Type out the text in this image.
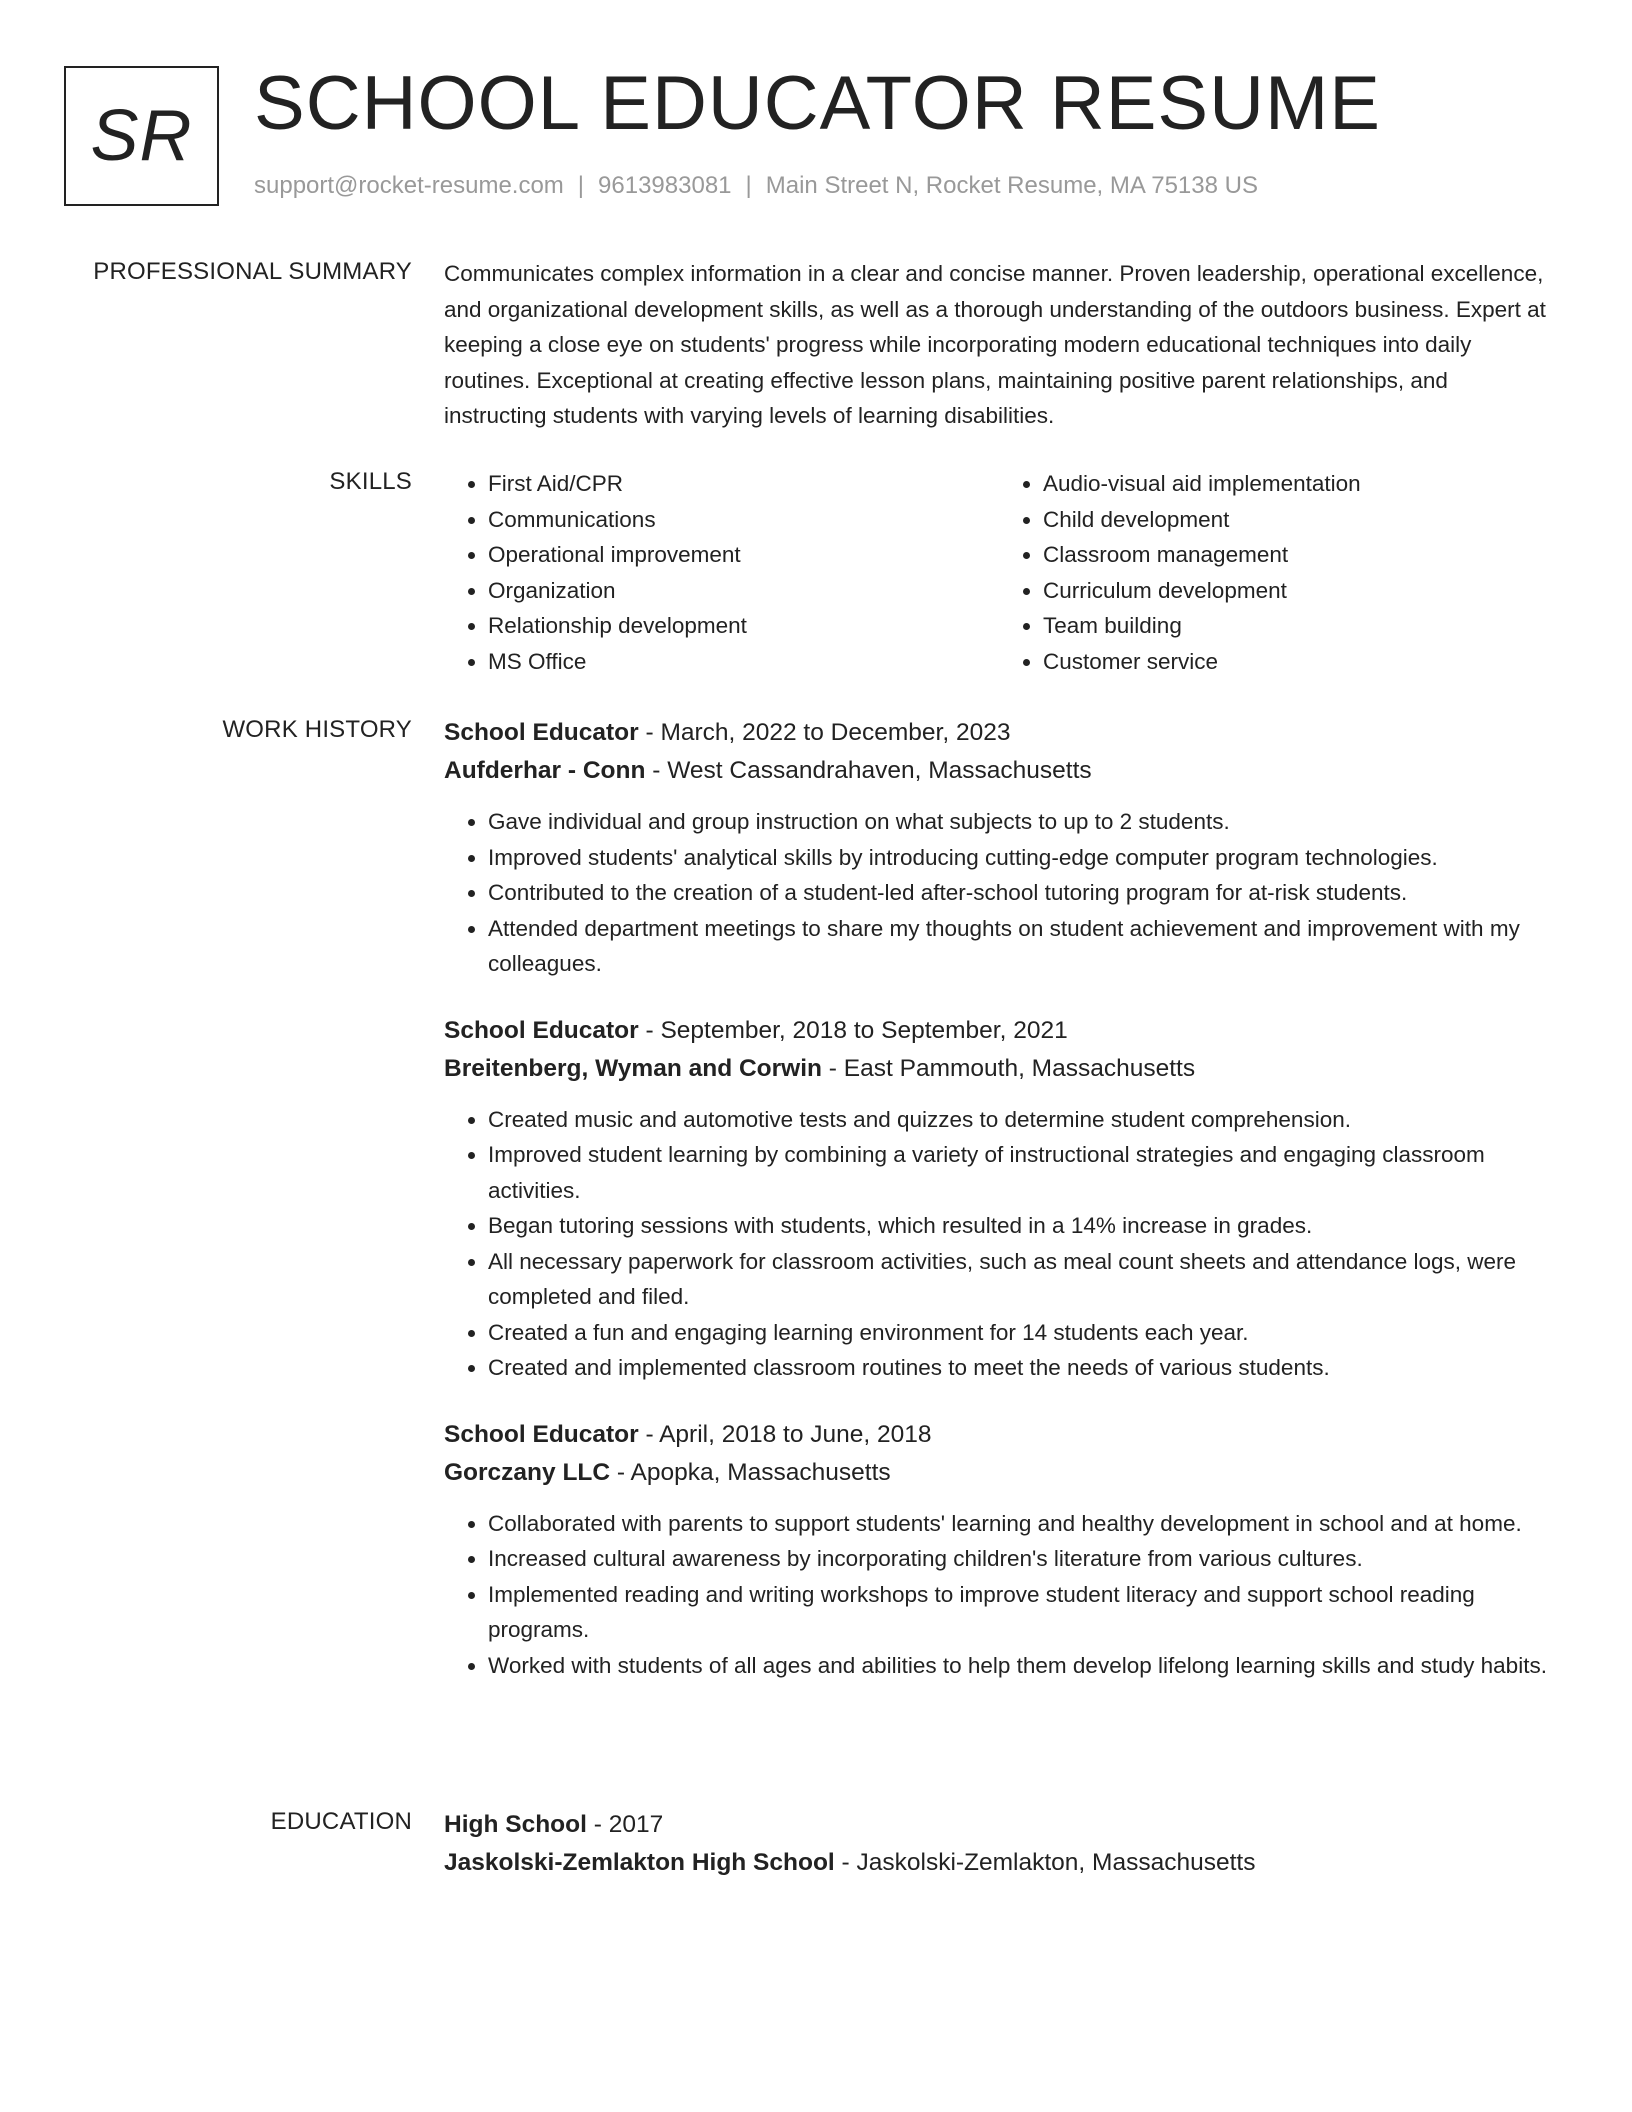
SR SCHOOL EDUCATOR RESUME
support@rocket-resume.com | 9613983081 | Main Street N, Rocket Resume, MA 75138 US
PROFESSIONAL SUMMARY Communicates complex information in a clear and concise manner. Proven leadership, operational excellence, and organizational development skills, as well as a thorough understanding of the outdoors business. Expert at keeping a close eye on students' progress while incorporating modern educational techniques into daily routines. Exceptional at creating effective lesson plans, maintaining positive parent relationships, and instructing students with varying levels of learning disabilities.
SKILLS
•	First Aid/CPR
• Communications
• Operational improvement
• Organization
• Relationship development
• MS Office
• Audio-visual aid implementation
• Child development
• Classroom management
• Curriculum development
• Team building
• Customer service
WORK HISTORY School Educator - March, 2022 to December, 2023
Aufderhar - Conn - West Cassandrahaven, Massachusetts
• Gave individual and group instruction on what subjects to up to 2 students.
• Improved students' analytical skills by introducing cutting-edge computer program technologies.
• Contributed to the creation of a student-led after-school tutoring program for at-risk students.
• Attended department meetings to share my thoughts on student achievement and improvement with my colleagues.
School Educator - September, 2018 to September, 2021
Breitenberg, Wyman and Corwin - East Pammouth, Massachusetts
• Created music and automotive tests and quizzes to determine student comprehension.
• Improved student learning by combining a variety of instructional strategies and engaging classroom activities.
• Began tutoring sessions with students, which resulted in a 14% increase in grades.
• All necessary paperwork for classroom activities, such as meal count sheets and attendance logs, were completed and filed.
• Created a fun and engaging learning environment for 14 students each year.
• Created and implemented classroom routines to meet the needs of various students.
School Educator - April, 2018 to June, 2018
Gorczany LLC - Apopka, Massachusetts
• Collaborated with parents to support students' learning and healthy development in school and at home.
• Increased cultural awareness by incorporating children's literature from various cultures.
• Implemented reading and writing workshops to improve student literacy and support school reading programs.
• Worked with students of all ages and abilities to help them develop lifelong learning skills and study habits.
EDUCATION High School - 2017
Jaskolski-Zemlakton High School - Jaskolski-Zemlakton, Massachusetts
